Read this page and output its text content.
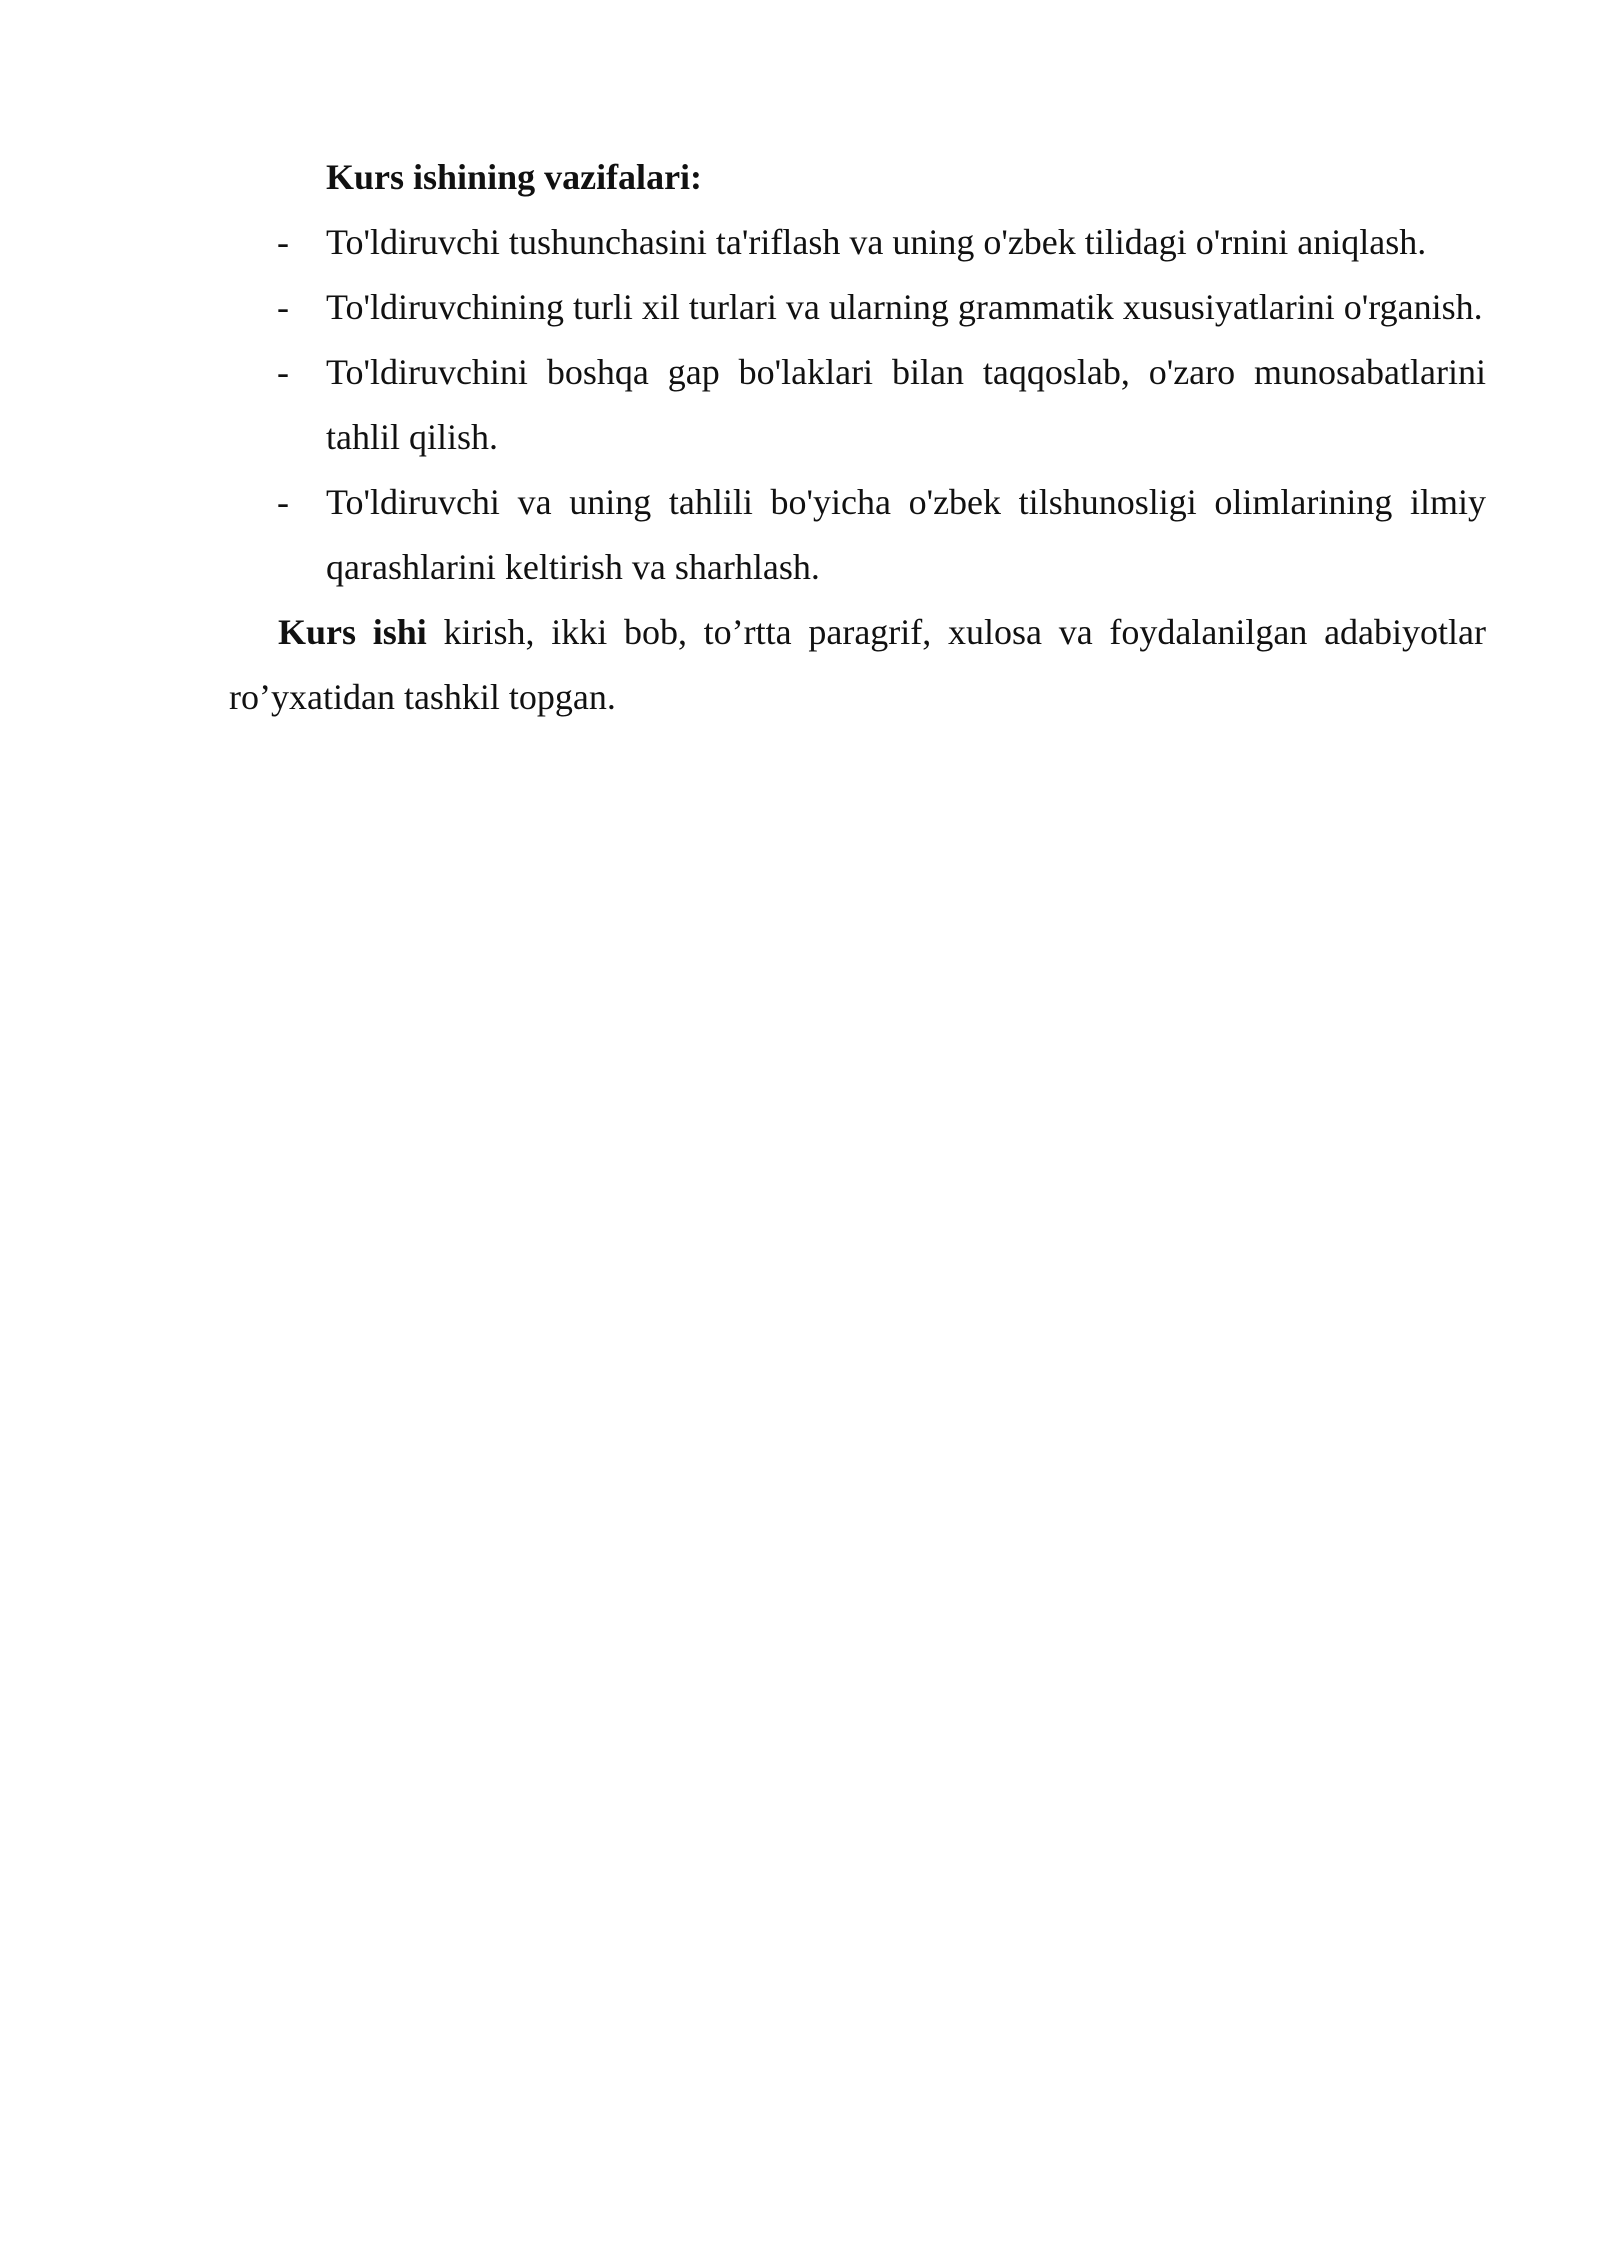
Kurs ishining vazifalari:

- To'ldiruvchi tushunchasini ta'riflash va uning o'zbek tilidagi o'rnini aniqlash.
- To'ldiruvchining turli xil turlari va ularning grammatik xususiyatlarini o'rganish.
- To'ldiruvchini boshqa gap bo'laklari bilan taqqoslab, o'zaro munosabatlarini tahlil qilish.
- To'ldiruvchi va uning tahlili bo'yicha o'zbek tilshunosligi olimlarining ilmiy qarashlarini keltirish va sharhlash.

Kurs ishi kirish, ikki bob, to’rtta paragrif, xulosa va foydalanilgan adabiyotlar ro’yxatidan tashkil topgan.
